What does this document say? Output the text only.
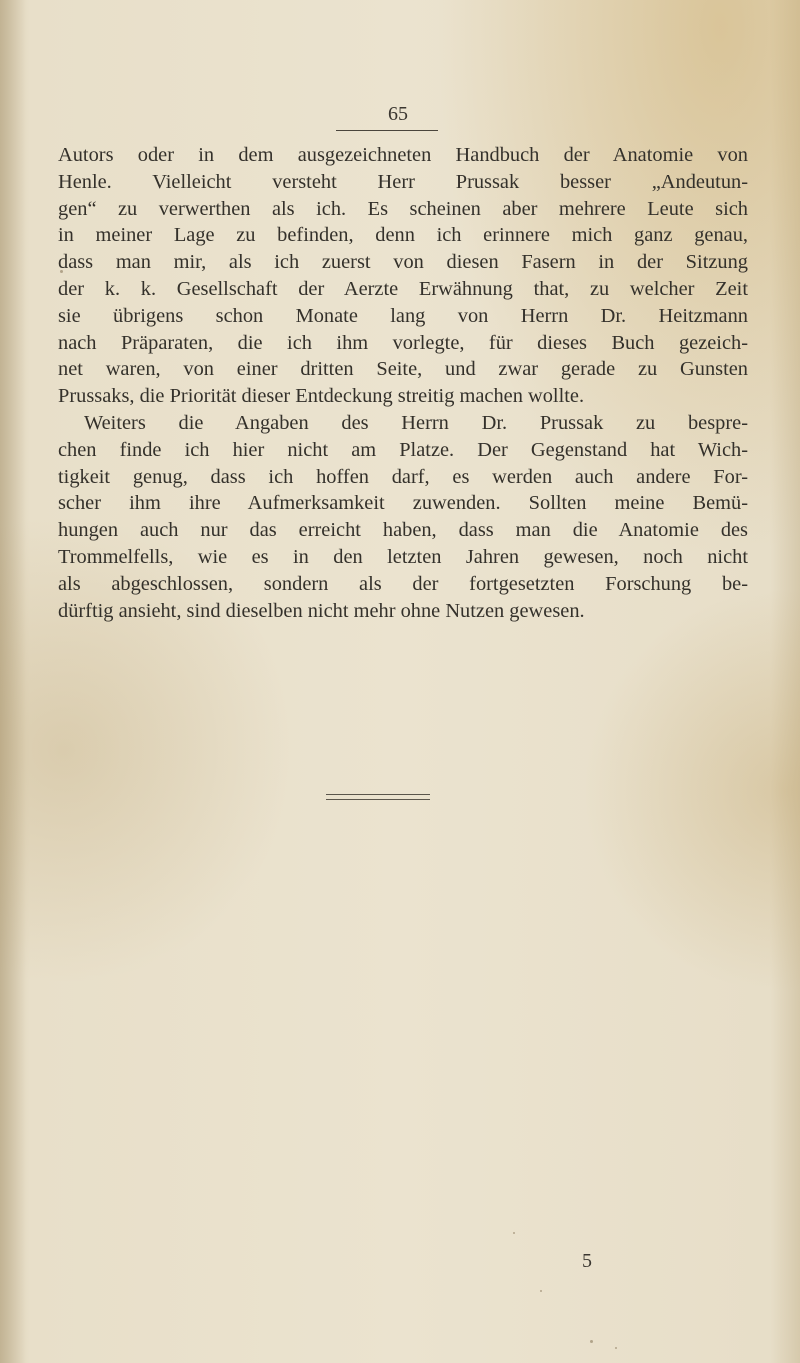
65
Autors oder in dem ausgezeichneten Handbuch der Anatomie von
Henle. Vielleicht versteht Herr Prussak besser „Andeutun-
gen“ zu verwerthen als ich. Es scheinen aber mehrere Leute sich
in meiner Lage zu befinden, denn ich erinnere mich ganz genau,
dass man mir, als ich zuerst von diesen Fasern in der Sitzung
der k. k. Gesellschaft der Aerzte Erwähnung that, zu welcher Zeit
sie übrigens schon Monate lang von Herrn Dr. Heitzmann
nach Präparaten, die ich ihm vorlegte, für dieses Buch gezeich-
net waren, von einer dritten Seite, und zwar gerade zu Gunsten
Prussaks, die Priorität dieser Entdeckung streitig machen wollte.
Weiters die Angaben des Herrn Dr. Prussak zu bespre-
chen finde ich hier nicht am Platze. Der Gegenstand hat Wich-
tigkeit genug, dass ich hoffen darf, es werden auch andere For-
scher ihm ihre Aufmerksamkeit zuwenden. Sollten meine Bemü-
hungen auch nur das erreicht haben, dass man die Anatomie des
Trommelfells, wie es in den letzten Jahren gewesen, noch nicht
als abgeschlossen, sondern als der fortgesetzten Forschung be-
dürftig ansieht, sind dieselben nicht mehr ohne Nutzen gewesen.
5
